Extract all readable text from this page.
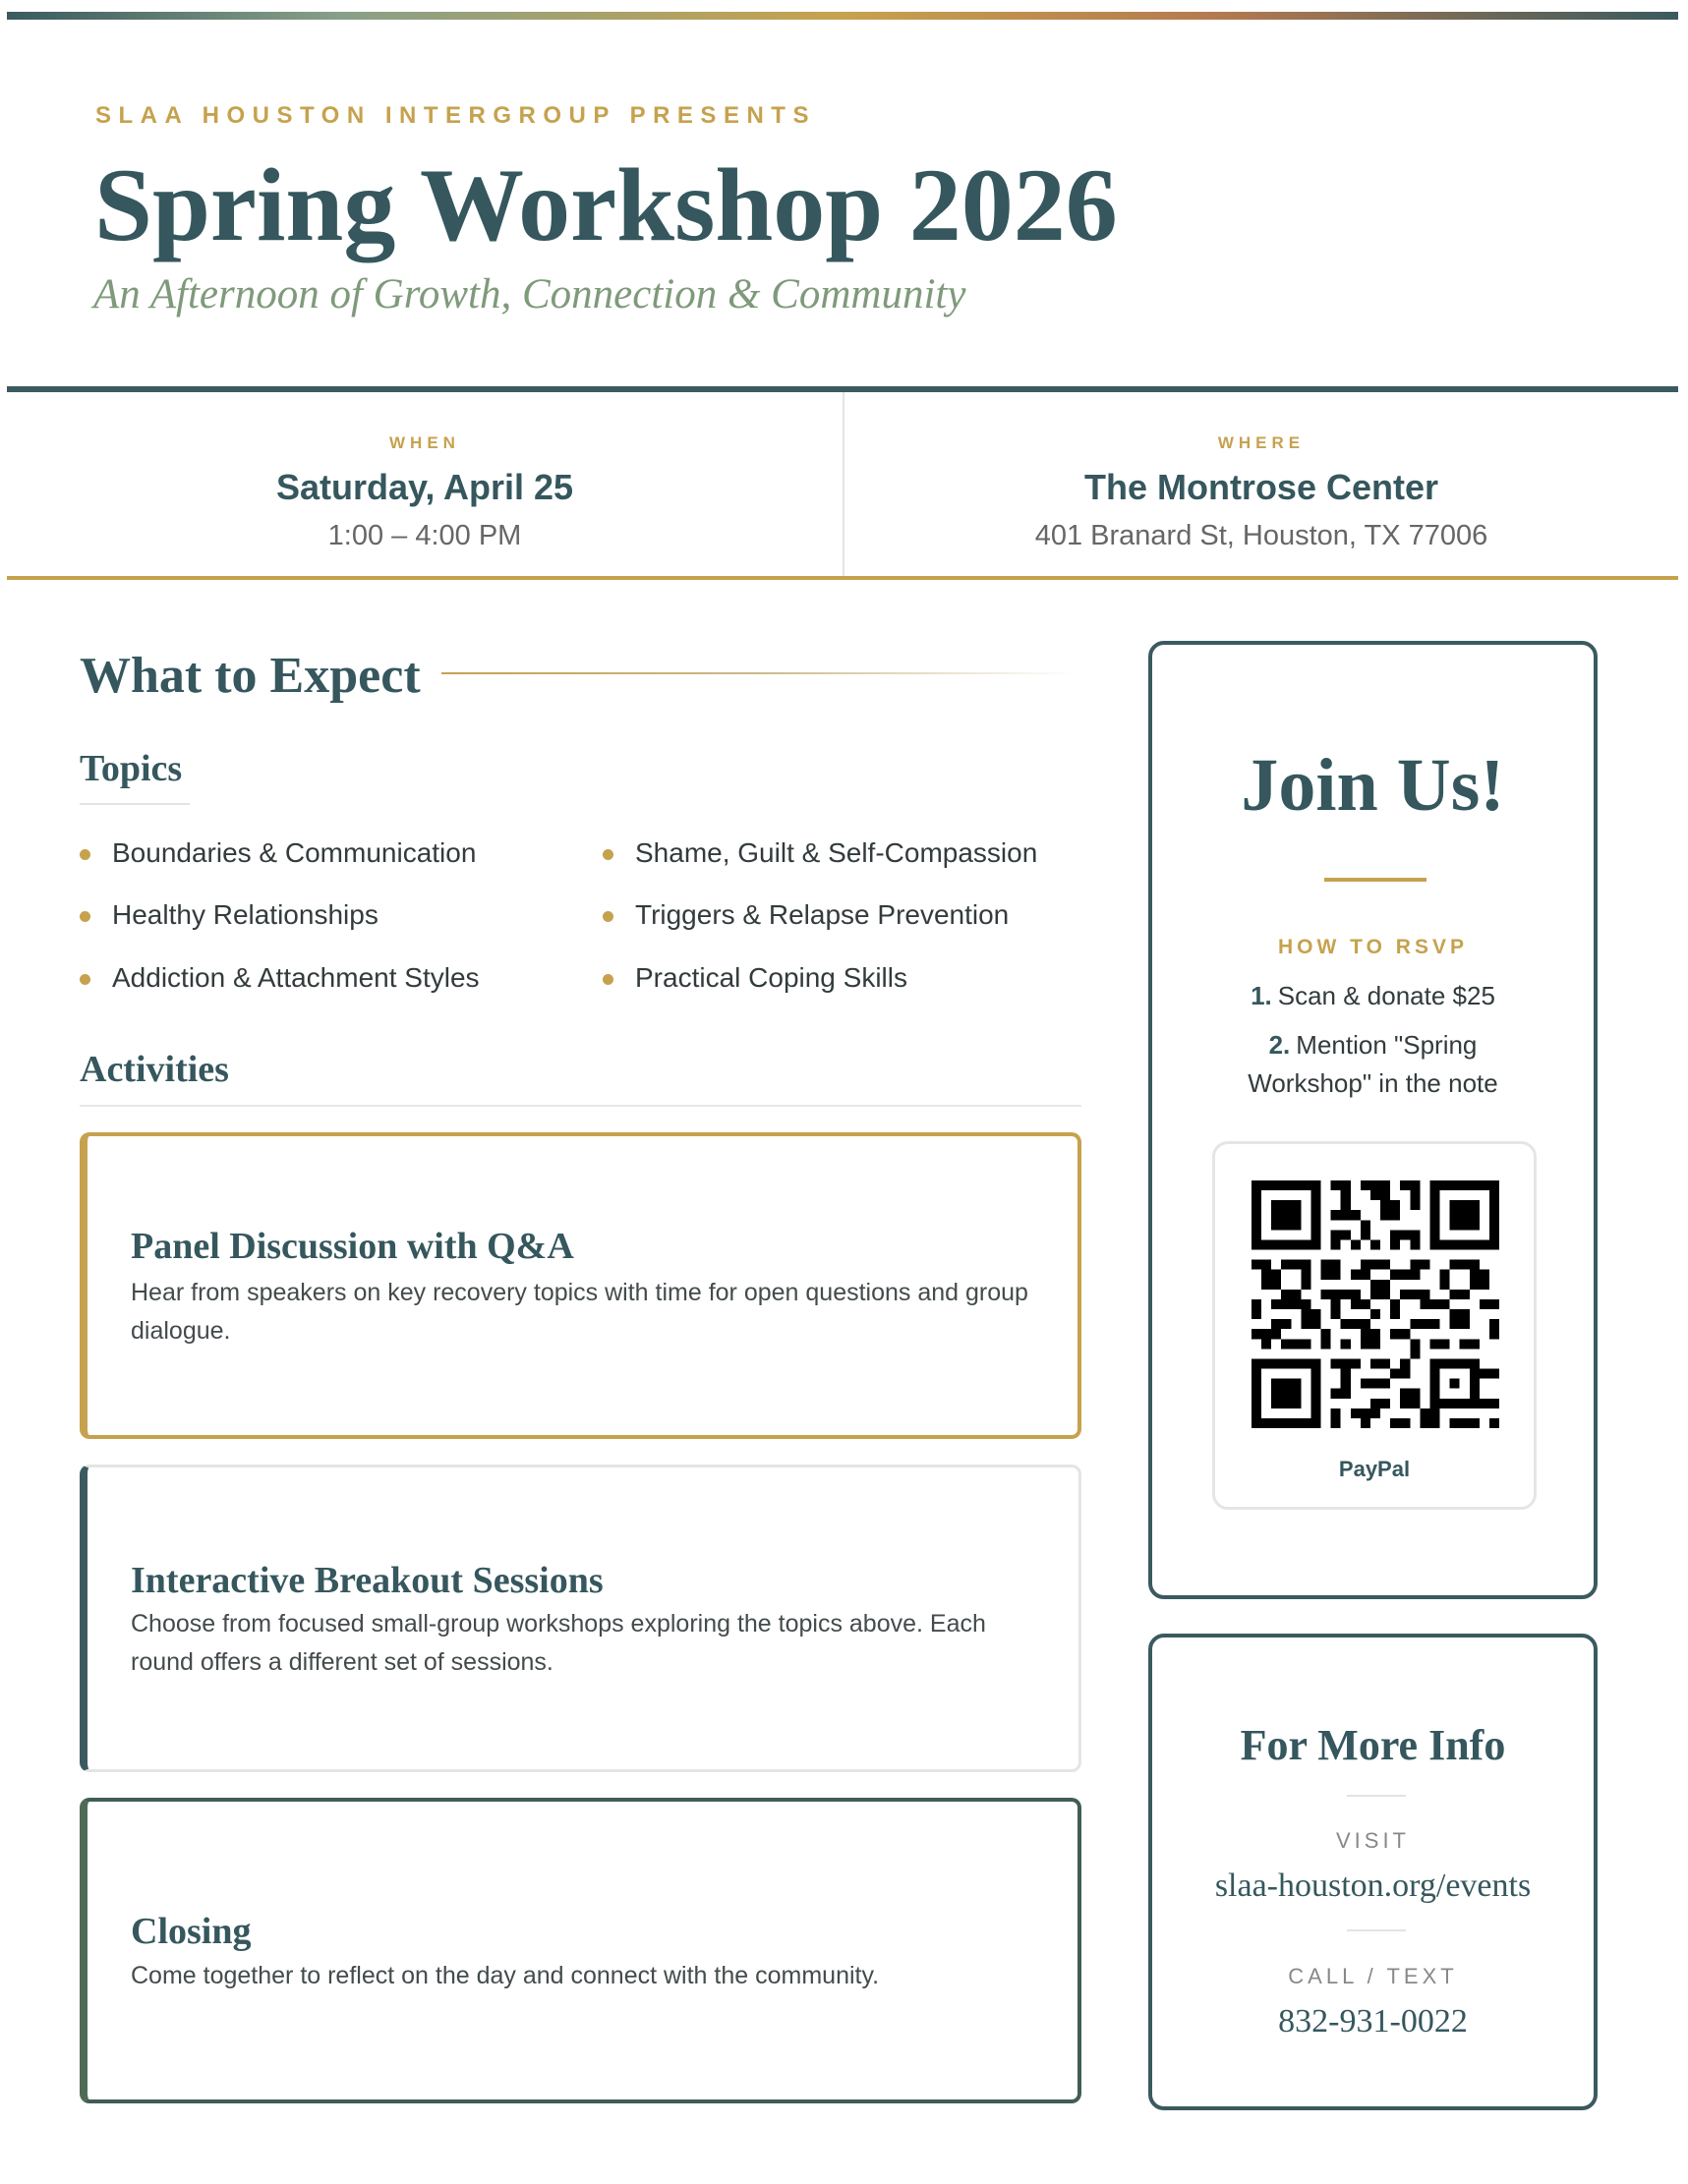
SLAA HOUSTON INTERGROUP PRESENTS
Spring Workshop 2026
An Afternoon of Growth, Connection & Community
WHEN
Saturday, April 25
1:00 – 4:00 PM
WHERE
The Montrose Center
401 Branard St, Houston, TX 77006
What to Expect
Topics
Boundaries & Communication
Healthy Relationships
Addiction & Attachment Styles
Shame, Guilt & Self-Compassion
Triggers & Relapse Prevention
Practical Coping Skills
Activities
Panel Discussion with Q&A
Hear from speakers on key recovery topics with time for open questions and group dialogue.
Interactive Breakout Sessions
Choose from focused small-group workshops exploring the topics above. Each round offers a different set of sessions.
Closing
Come together to reflect on the day and connect with the community.
Join Us!
HOW TO RSVP
1. Scan & donate $25
2. Mention "Spring Workshop" in the note
PayPal
For More Info
VISIT
slaa-houston.org/events
CALL / TEXT
832-931-0022
